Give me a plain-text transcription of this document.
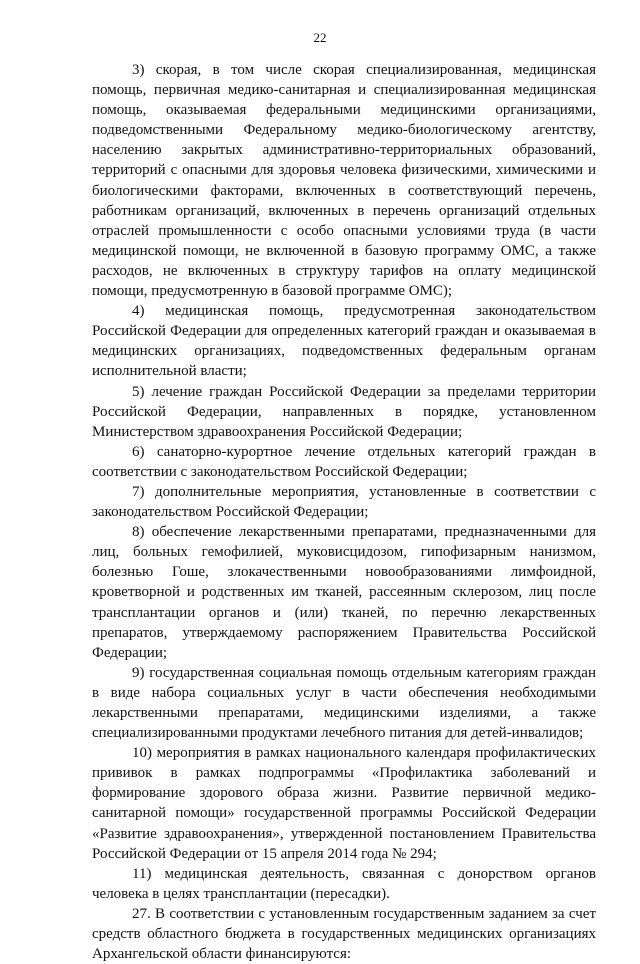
22

3) скорая, в том числе скорая специализированная, медицинская помощь, первичная медико-санитарная и специализированная медицинская помощь, оказываемая федеральными медицинскими организациями, подведомственными Федеральному медико-биологическому агентству, населению закрытых административно-территориальных образований, территорий с опасными для здоровья человека физическими, химическими и биологическими факторами, включенных в соответствующий перечень, работникам организаций, включенных в перечень организаций отдельных отраслей промышленности с особо опасными условиями труда (в части медицинской помощи, не включенной в базовую программу ОМС, а также расходов, не включенных в структуру тарифов на оплату медицинской помощи, предусмотренную в базовой программе ОМС);

4) медицинская помощь, предусмотренная законодательством Российской Федерации для определенных категорий граждан и оказываемая в медицинских организациях, подведомственных федеральным органам исполнительной власти;

5) лечение граждан Российской Федерации за пределами территории Российской Федерации, направленных в порядке, установленном Министерством здравоохранения Российской Федерации;

6) санаторно-курортное лечение отдельных категорий граждан в соответствии с законодательством Российской Федерации;

7) дополнительные мероприятия, установленные в соответствии с законодательством Российской Федерации;

8) обеспечение лекарственными препаратами, предназначенными для лиц, больных гемофилией, муковисцидозом, гипофизарным нанизмом, болезнью Гоше, злокачественными новообразованиями лимфоидной, кроветворной и родственных им тканей, рассеянным склерозом, лиц после трансплантации органов и (или) тканей, по перечню лекарственных препаратов, утверждаемому распоряжением Правительства Российской Федерации;

9) государственная социальная помощь отдельным категориям граждан в виде набора социальных услуг в части обеспечения необходимыми лекарственными препаратами, медицинскими изделиями, а также специализированными продуктами лечебного питания для детей-инвалидов;

10) мероприятия в рамках национального календаря профилактических прививок в рамках подпрограммы «Профилактика заболеваний и формирование здорового образа жизни. Развитие первичной медико-санитарной помощи» государственной программы Российской Федерации «Развитие здравоохранения», утвержденной постановлением Правительства Российской Федерации от 15 апреля 2014 года № 294;

11) медицинская деятельность, связанная с донорством органов человека в целях трансплантации (пересадки).

27. В соответствии с установленным государственным заданием за счет средств областного бюджета в государственных медицинских организациях Архангельской области финансируются:
